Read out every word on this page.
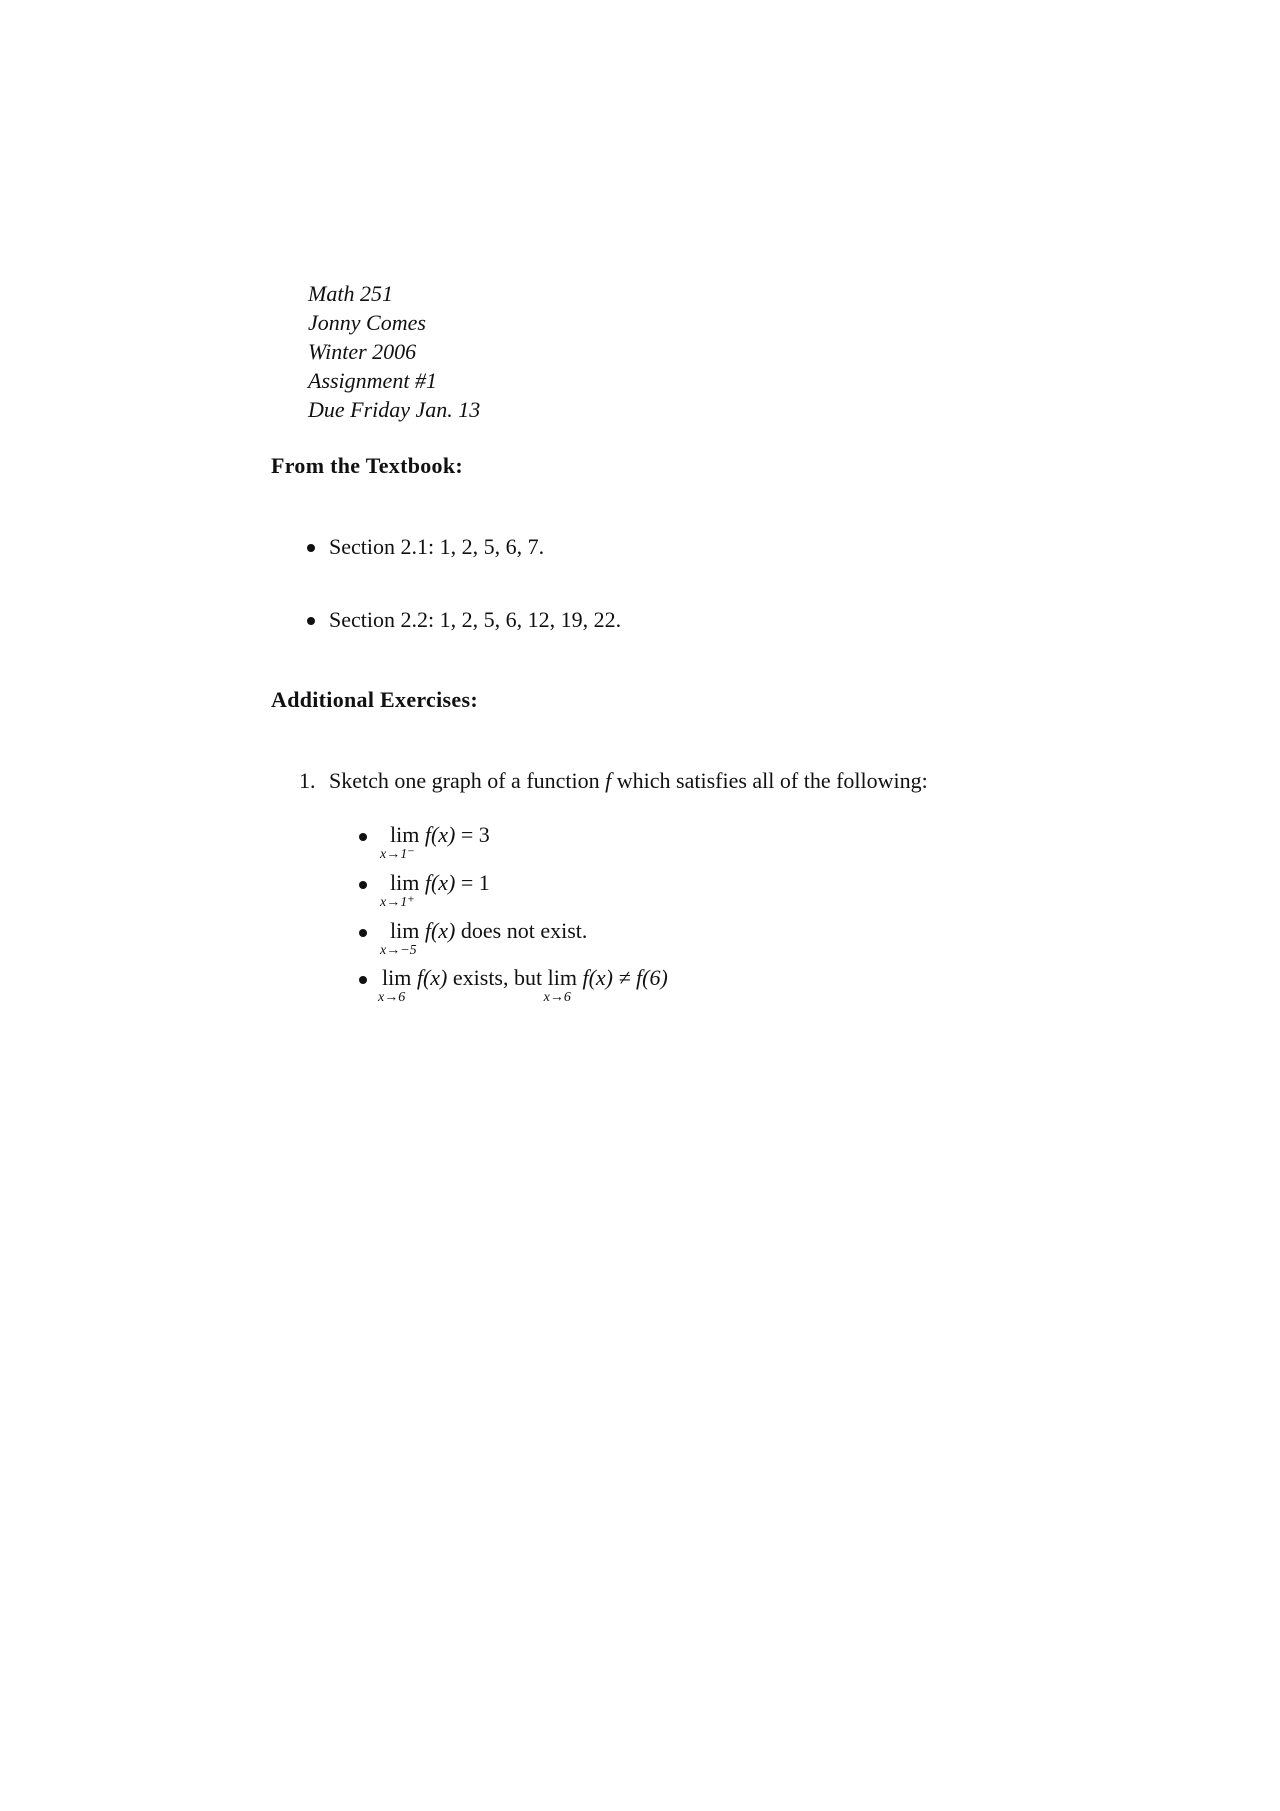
Math 251
Jonny Comes
Winter 2006
Assignment #1
Due Friday Jan. 13
From the Textbook:
Section 2.1: 1, 2, 5, 6, 7.
Section 2.2: 1, 2, 5, 6, 12, 19, 22.
Additional Exercises:
1. Sketch one graph of a function f which satisfies all of the following:
lim
x→1⁻
f(x) = 3
lim
x→1⁺
f(x) = 1
lim
x→−5
f(x) does not exist.
lim
x→6
f(x) exists, but lim
x→6
f(x) ≠ f(6)
